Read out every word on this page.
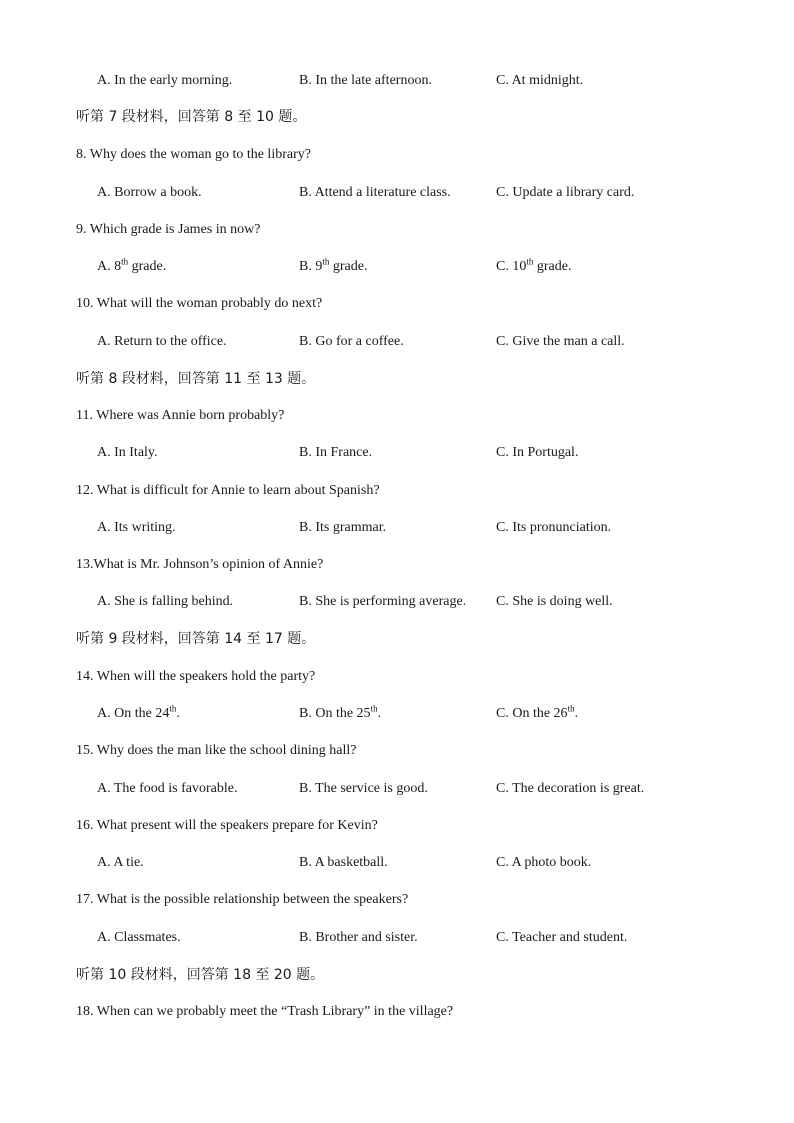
A. In the early morning.	B. In the late afternoon.	C. At midnight.
听第 7 段材料，回答第 8 至 10 题。
8. Why does the woman go to the library?
A. Borrow a book.	B. Attend a literature class.	C. Update a library card.
9. Which grade is James in now?
A. 8th grade.	B. 9th grade.	C. 10th grade.
10. What will the woman probably do next?
A. Return to the office.	B. Go for a coffee.	C. Give the man a call.
听第 8 段材料，回答第 11 至 13 题。
11. Where was Annie born probably?
A. In Italy.	B. In France.	C. In Portugal.
12. What is difficult for Annie to learn about Spanish?
A. Its writing.	B. Its grammar.	C. Its pronunciation.
13.What is Mr. Johnson’s opinion of Annie?
A. She is falling behind.	B. She is performing average. C. She is doing well.
听第 9 段材料，回答第 14 至 17 题。
14. When will the speakers hold the party?
A. On the 24th.	B. On the 25th.	C. On the 26th.
15. Why does the man like the school dining hall?
A. The food is favorable.	B. The service is good.	C. The decoration is great.
16. What present will the speakers prepare for Kevin?
A. A tie.	B. A basketball.	C. A photo book.
17. What is the possible relationship between the speakers?
A. Classmates.	B. Brother and sister.	C. Teacher and student.
听第 10 段材料，回答第 18 至 20 题。
18. When can we probably meet the “Trash Library” in the village?
